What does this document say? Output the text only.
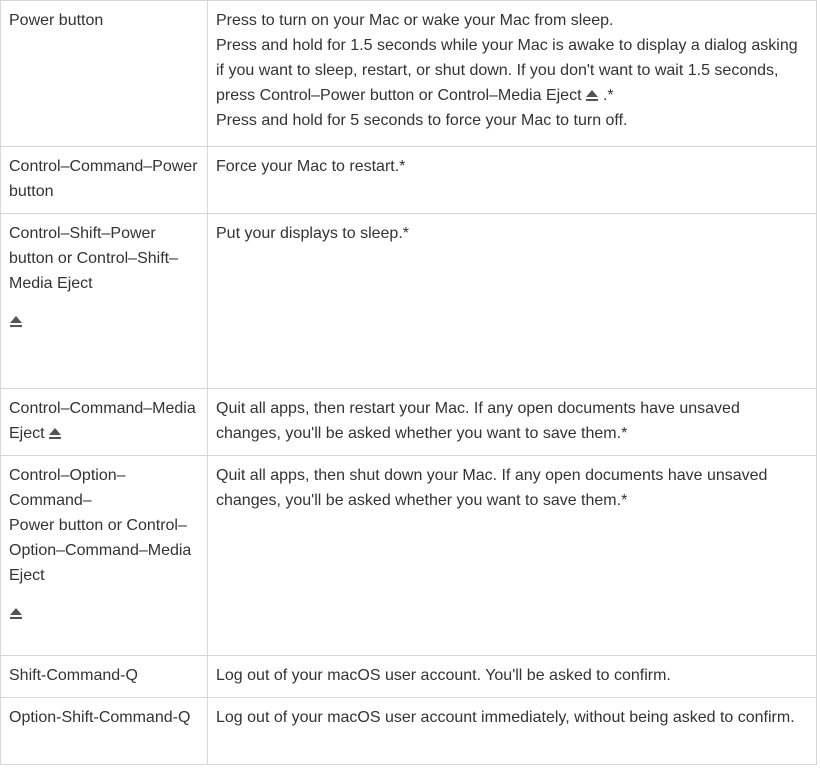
Power button	Press to turn on your Mac or wake your Mac from sleep.
Press and hold for 1.5 seconds while your Mac is awake to display a dialog asking if you want to sleep, restart, or shut down. If you don't want to wait 1.5 seconds, press Control–Power button or Control–Media Eject .*
Press and hold for 5 seconds to force your Mac to turn off.

Control–Command–Power button	Force your Mac to restart.*
Control–Shift–Power button or Control–Shift–Media Eject	Put your displays to sleep.*
Control–Command–Media Eject	Quit all apps, then restart your Mac. If any open documents have unsaved changes, you'll be asked whether you want to save them.*

Control–Option–Command–
Power button or Control–Option–Command–Media Eject	Quit all apps, then shut down your Mac. If any open documents have unsaved changes, you'll be asked whether you want to save them.*
Shift-Command-Q	Log out of your macOS user account. You'll be asked to confirm.
Option-Shift-Command-Q	Log out of your macOS user account immediately, without being asked to confirm.
